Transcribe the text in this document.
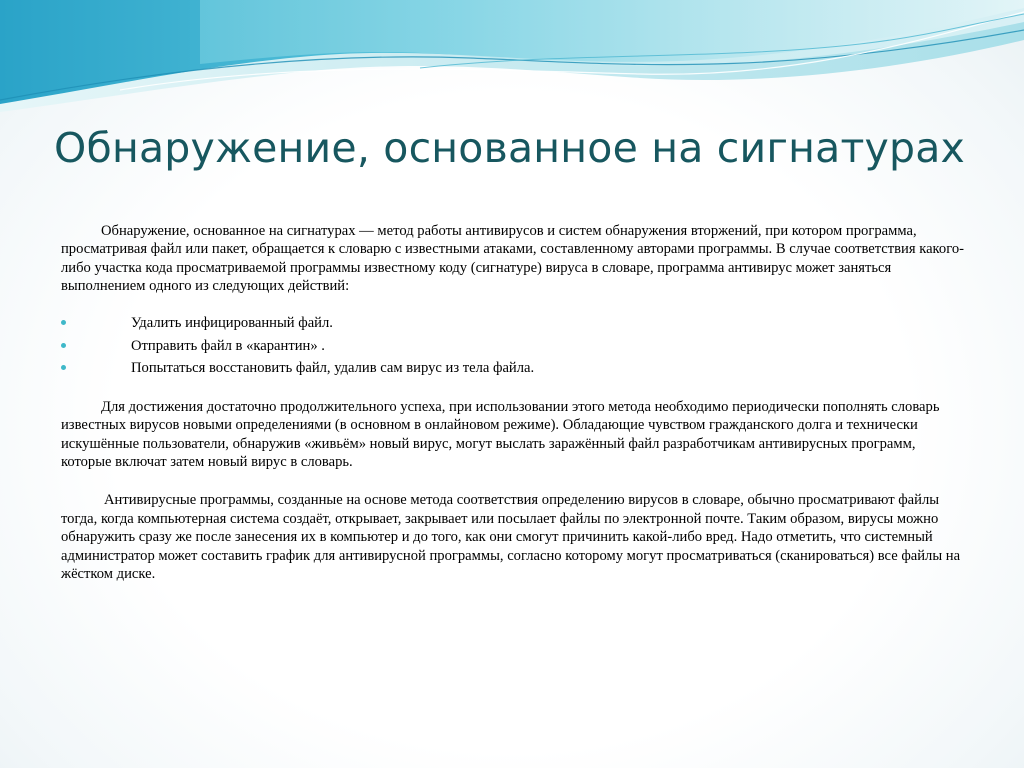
Обнаружение, основанное на сигнатурах

Обнаружение, основанное на сигнатурах — метод работы антивирусов и систем обнаружения вторжений, при котором программа, просматривая файл или пакет, обращается к словарю с известными атаками, составленному авторами программы. В случае соответствия какого-либо участка кода просматриваемой программы известному коду (сигнатуре) вируса в словаре, программа антивирус может заняться выполнением одного из следующих действий:

Удалить инфицированный файл.
Отправить файл в «карантин» .
Попытаться восстановить файл, удалив сам вирус из тела файла.

Для достижения достаточно продолжительного успеха, при использовании этого метода необходимо периодически пополнять словарь известных вирусов новыми определениями (в основном в онлайновом режиме). Обладающие чувством гражданского долга и технически искушённые пользователи, обнаружив «живьём» новый вирус, могут выслать заражённый файл разработчикам антивирусных программ, которые включат затем новый вирус в словарь.

Антивирусные программы, созданные на основе метода соответствия определению вирусов в словаре, обычно просматривают файлы тогда, когда компьютерная система создаёт, открывает, закрывает или посылает файлы по электронной почте. Таким образом, вирусы можно обнаружить сразу же после занесения их в компьютер и до того, как они смогут причинить какой-либо вред. Надо отметить, что системный администратор может составить график для антивирусной программы, согласно которому могут просматриваться (сканироваться) все файлы на жёстком диске.
